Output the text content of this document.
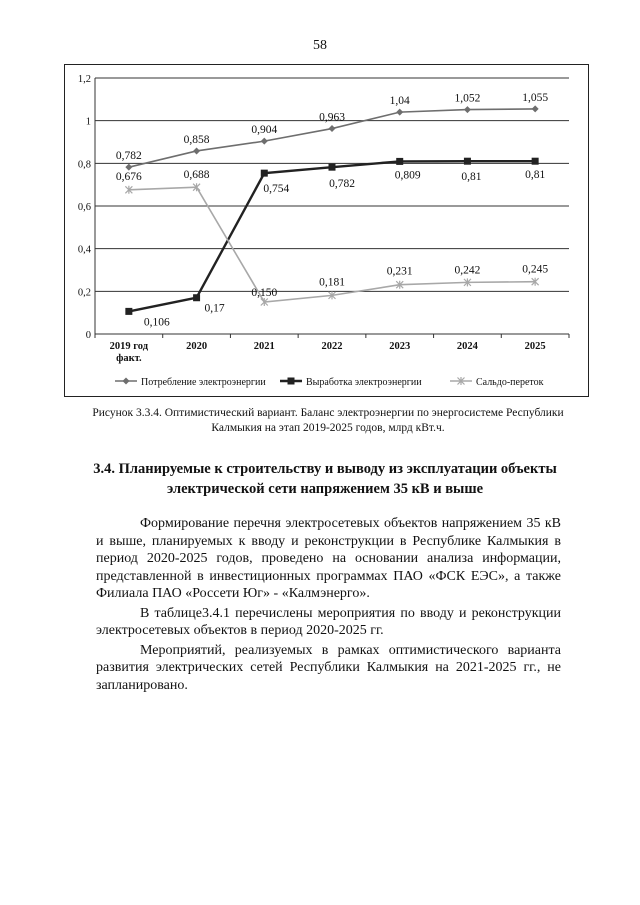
58
0
0,2
0,4
0,6
0,8
1
1,2
2019 год
факт.
2020	2021	2022	2023	2024	2025
0,782
0,858
0,904
0,963
1,04	1,052	1,055
0,106
0,17
0,754	0,782
0,809	0,81	0,81
0,676	0,688
0,150
0,181
0,231	0,242	0,245
Потребление электроэнергии	Выработка электроэнергии	Сальдо-переток
Рисунок 3.3.4. Оптимистический вариант. Баланс электроэнергии по энергосистеме Республики
Калмыкия на этап 2019-2025 годов, млрд кВт.ч.
3.4. Планируемые к строительству и выводу из эксплуатации объекты
электрической сети напряжением 35 кВ и выше

Формирование перечня электросетевых объектов напряжением 35 кВ и выше, планируемых к вводу и реконструкции в Республике Калмыкия в период 2020-2025 годов, проведено на основании анализа информации, представленной в инвестиционных программах ПАО «ФСК ЕЭС», а также Филиала ПАО «Россети Юг» - «Калмэнерго».

В таблице3.4.1 перечислены мероприятия по вводу и реконструкции электросетевых объектов в период 2020-2025 гг.

Мероприятий, реализуемых в рамках оптимистического варианта развития электрических сетей Республики Калмыкия на 2021-2025 гг., не запланировано.
